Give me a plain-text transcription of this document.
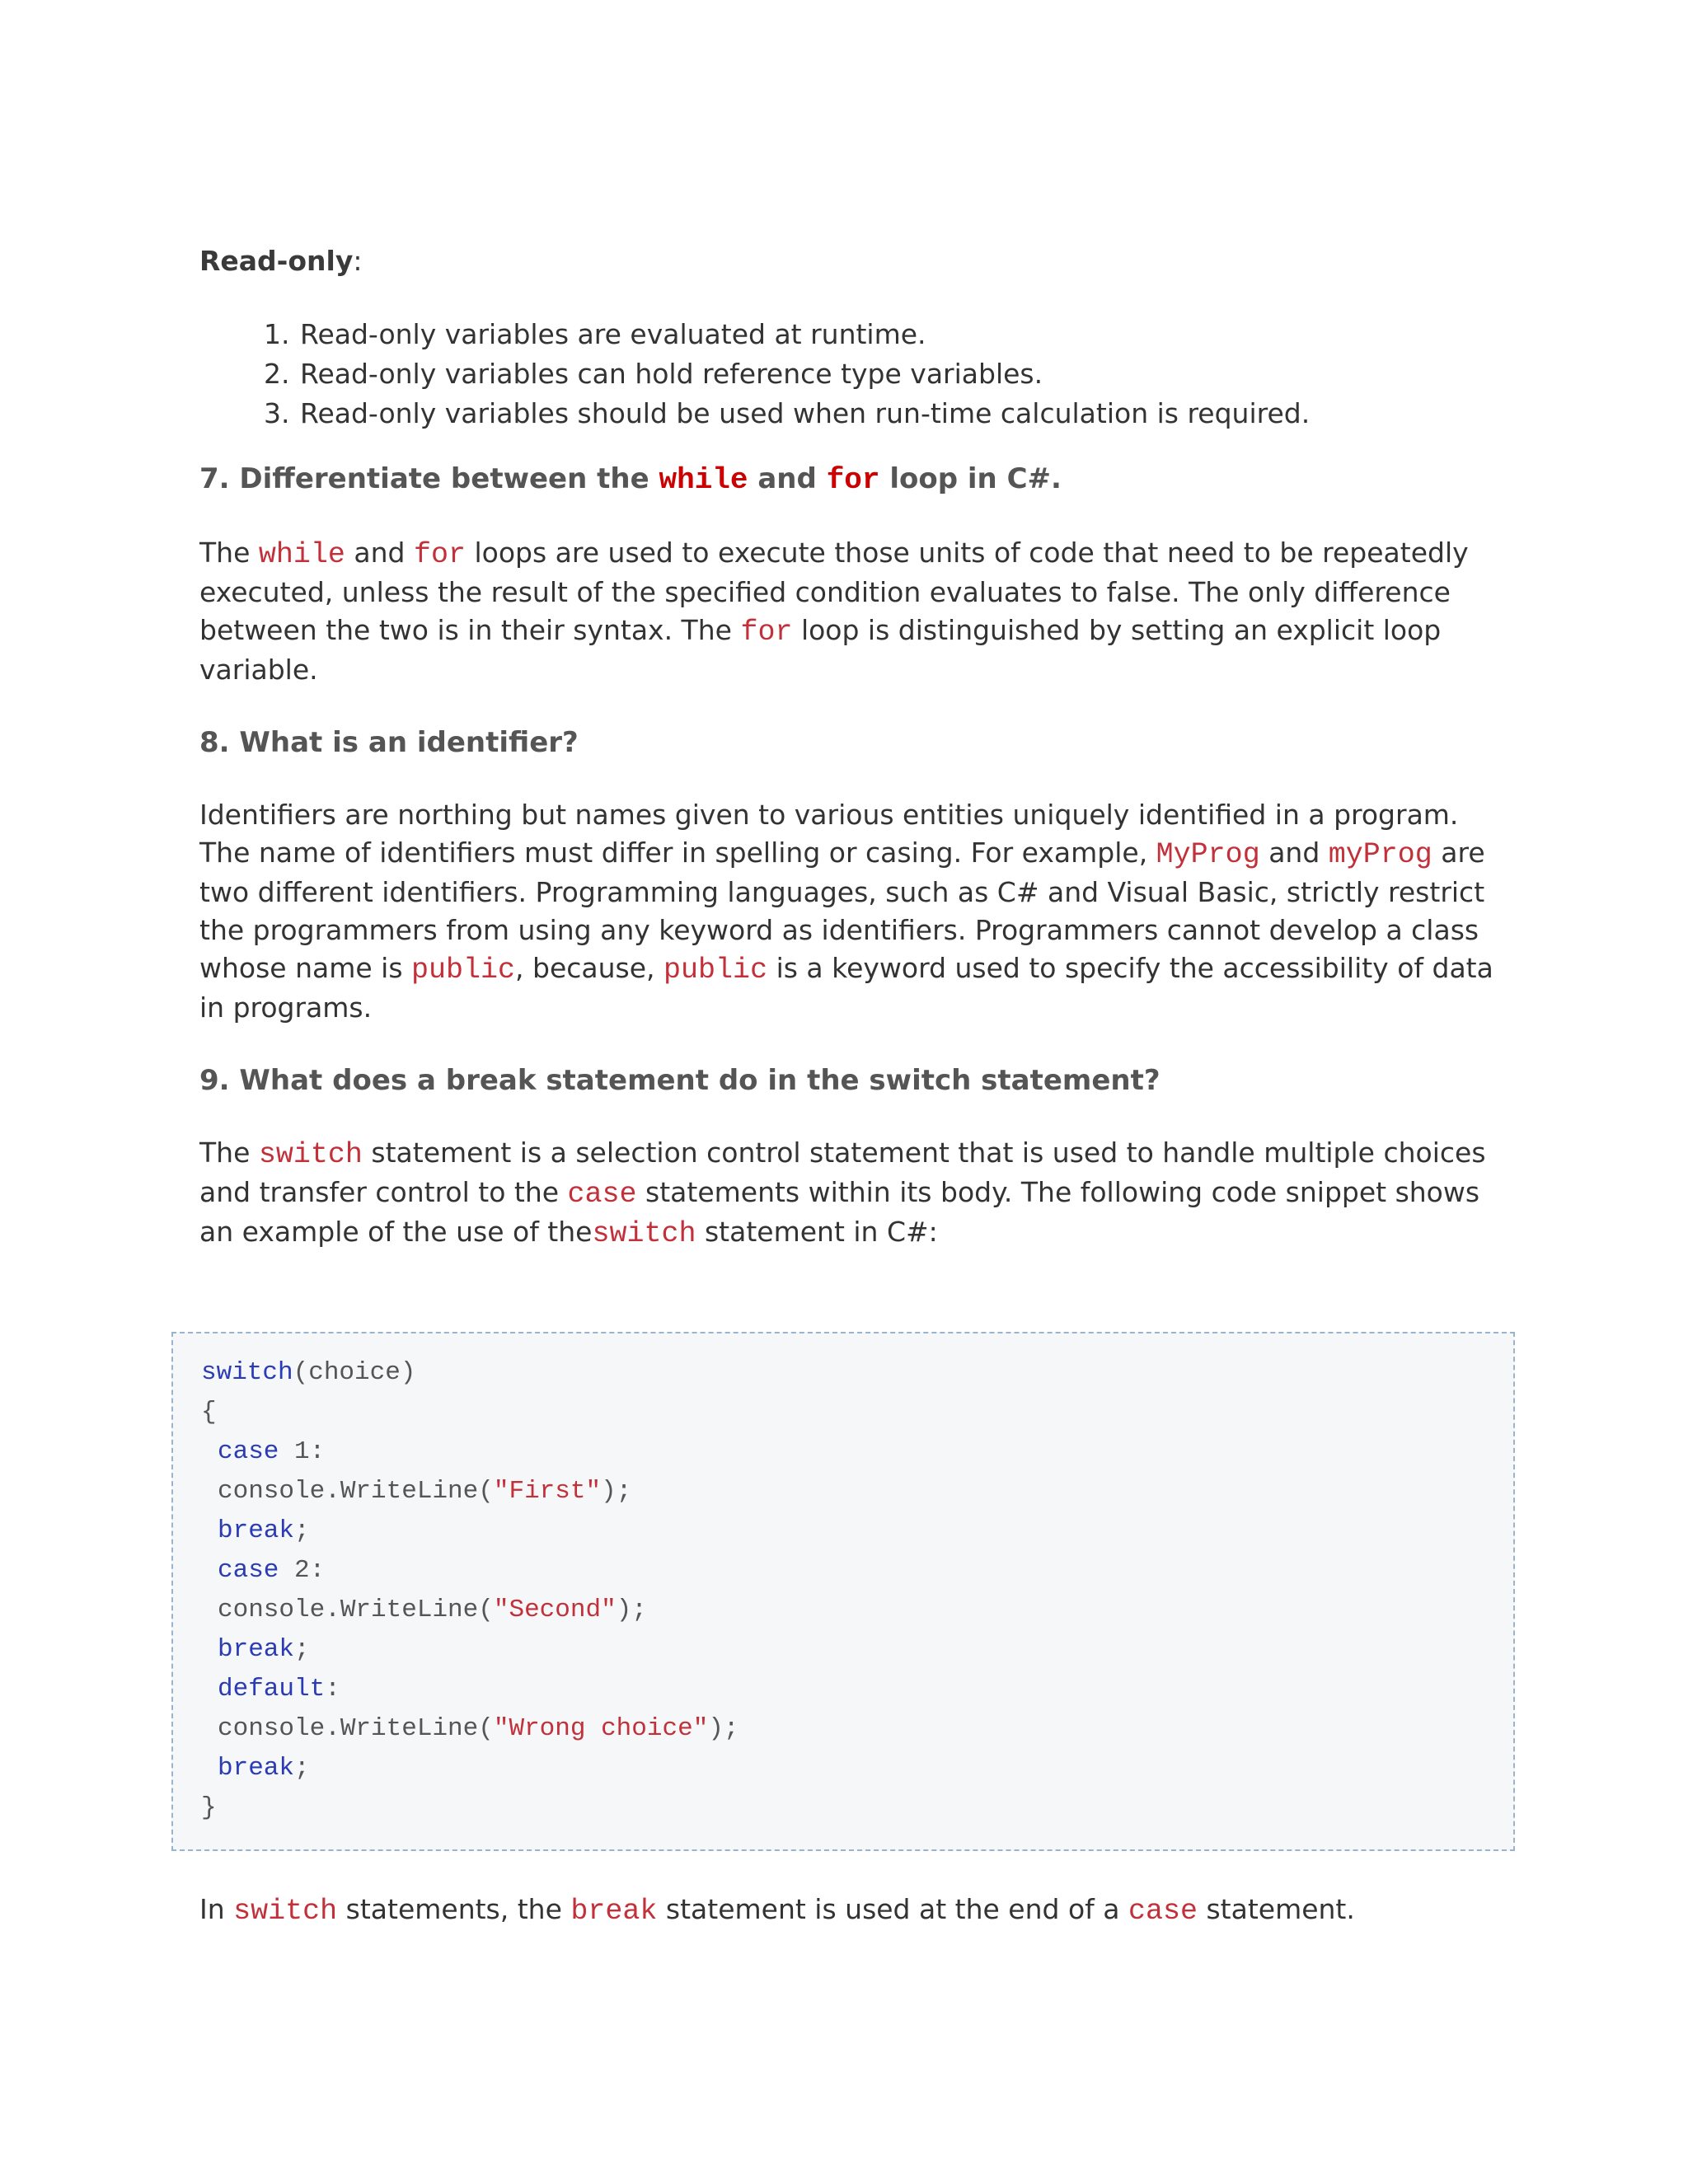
Read-only:
1. Read-only variables are evaluated at runtime.
2. Read-only variables can hold reference type variables.
3. Read-only variables should be used when run-time calculation is required.
7. Differentiate between the while and for loop in C#.

The while and for loops are used to execute those units of code that need to be repeatedly executed, unless the result of the specified condition evaluates to false. The only difference between the two is in their syntax. The for loop is distinguished by setting an explicit loop variable.

8. What is an identifier?

Identifiers are northing but names given to various entities uniquely identified in a program. The name of identifiers must differ in spelling or casing. For example, MyProg and myProg are two different identifiers. Programming languages, such as C# and Visual Basic, strictly restrict the programmers from using any keyword as identifiers. Programmers cannot develop a class whose name is public, because, public is a keyword used to specify the accessibility of data in programs.

9. What does a break statement do in the switch statement?

The switch statement is a selection control statement that is used to handle multiple choices and transfer control to the case statements within its body. The following code snippet shows an example of the use of theswitch statement in C#:

switch(choice)
{
case 1:
console.WriteLine("First");
break;
case 2:
console.WriteLine("Second");
break;
default:
console.WriteLine("Wrong choice");
break;
}

In switch statements, the break statement is used at the end of a case statement.
